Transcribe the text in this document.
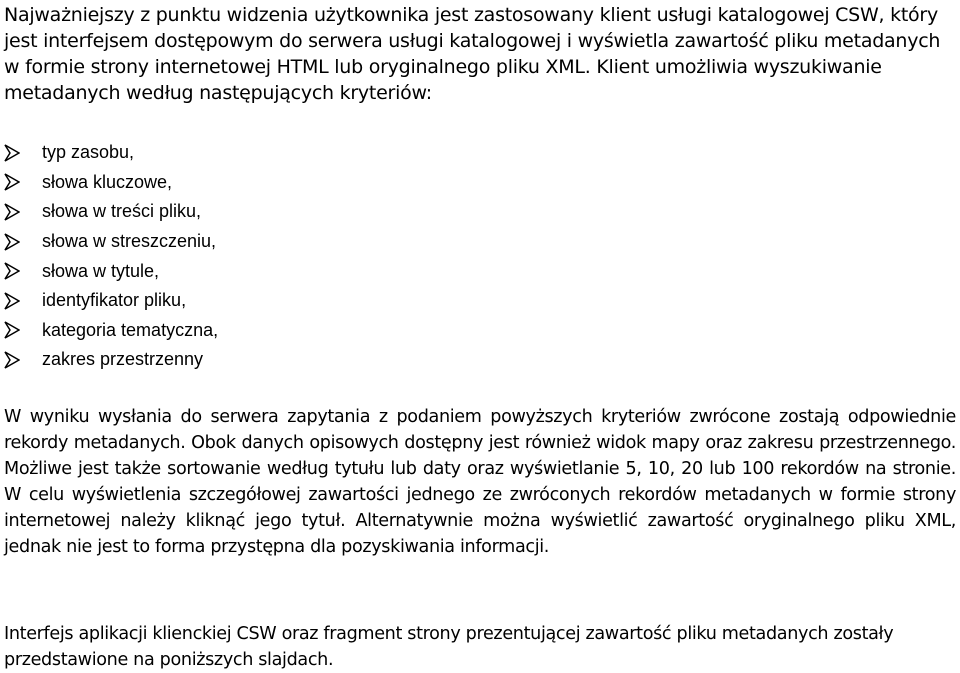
Najważniejszy z punktu widzenia użytkownika jest zastosowany klient usługi katalogowej CSW, który jest interfejsem dostępowym do serwera usługi katalogowej i wyświetla zawartość pliku metadanych w formie strony internetowej HTML lub oryginalnego pliku XML. Klient umożliwia wyszukiwanie metadanych według następujących kryteriów:

typ zasobu,
słowa kluczowe,
słowa w treści pliku,
słowa w streszczeniu,
słowa w tytule,
identyfikator pliku,
kategoria tematyczna,
zakres przestrzenny

W wyniku wysłania do serwera zapytania z podaniem powyższych kryteriów zwrócone zostają odpowiednie rekordy metadanych. Obok danych opisowych dostępny jest również widok mapy oraz zakresu przestrzennego. Możliwe jest także sortowanie według tytułu lub daty oraz wyświetlanie 5, 10, 20 lub 100 rekordów na stronie. W celu wyświetlenia szczegółowej zawartości jednego ze zwróconych rekordów metadanych w formie strony internetowej należy kliknąć jego tytuł. Alternatywnie można wyświetlić zawartość oryginalnego pliku XML, jednak nie jest to forma przystępna dla pozyskiwania informacji.

Interfejs aplikacji klienckiej CSW oraz fragment strony prezentującej zawartość pliku metadanych zostały przedstawione na poniższych slajdach.
